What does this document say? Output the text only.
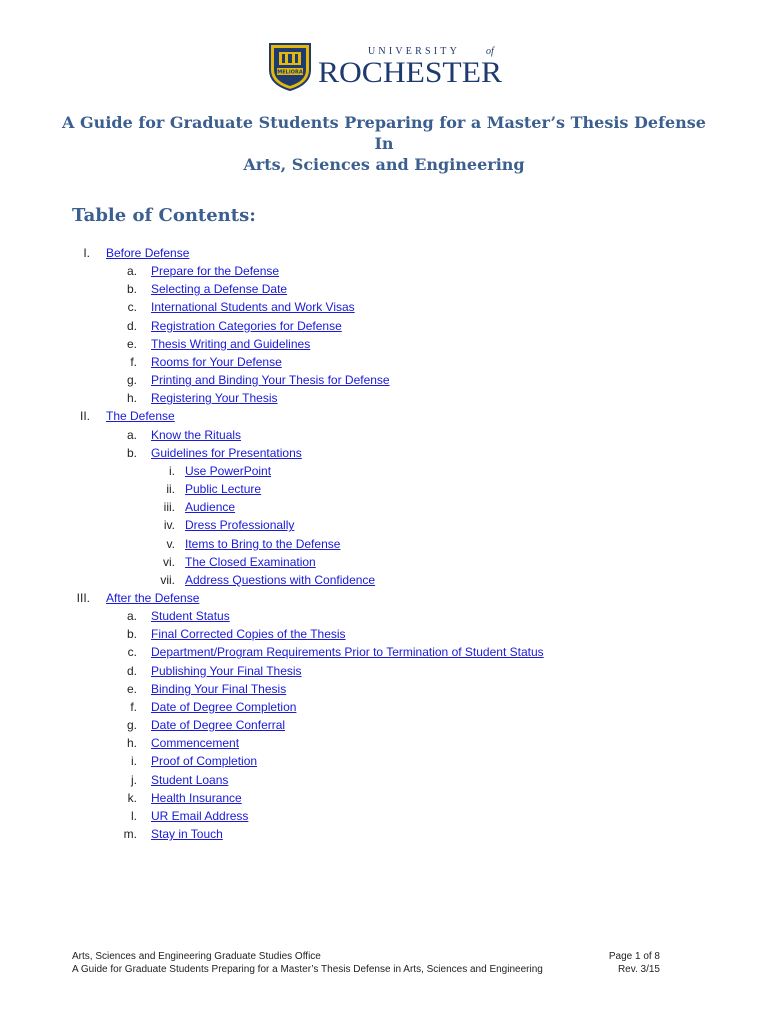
MELIORA
UNIVERSITY	of
ROCHESTER
A Guide for Graduate Students Preparing for a Master’s Thesis Defense
In
Arts, Sciences and Engineering
Table of Contents:
I. Before Defense
a. Prepare for the Defense
b. Selecting a Defense Date
c. International Students and Work Visas
d. Registration Categories for Defense
e. Thesis Writing and Guidelines
f. Rooms for Your Defense
g. Printing and Binding Your Thesis for Defense
h. Registering Your Thesis
II. The Defense
a. Know the Rituals
b. Guidelines for Presentations
i. Use PowerPoint
ii. Public Lecture
iii. Audience
iv. Dress Professionally
v. Items to Bring to the Defense
vi. The Closed Examination
vii. Address Questions with Confidence
III. After the Defense
a. Student Status
b. Final Corrected Copies of the Thesis
c. Department/Program Requirements Prior to Termination of Student Status
d. Publishing Your Final Thesis
e. Binding Your Final Thesis
f. Date of Degree Completion
g. Date of Degree Conferral
h. Commencement
i. Proof of Completion
j. Student Loans
k. Health Insurance
l. UR Email Address
m. Stay in Touch
Arts, Sciences and Engineering Graduate Studies Office	Page 1 of 8
A Guide for Graduate Students Preparing for a Master’s Thesis Defense in Arts, Sciences and Engineering	Rev. 3/15
